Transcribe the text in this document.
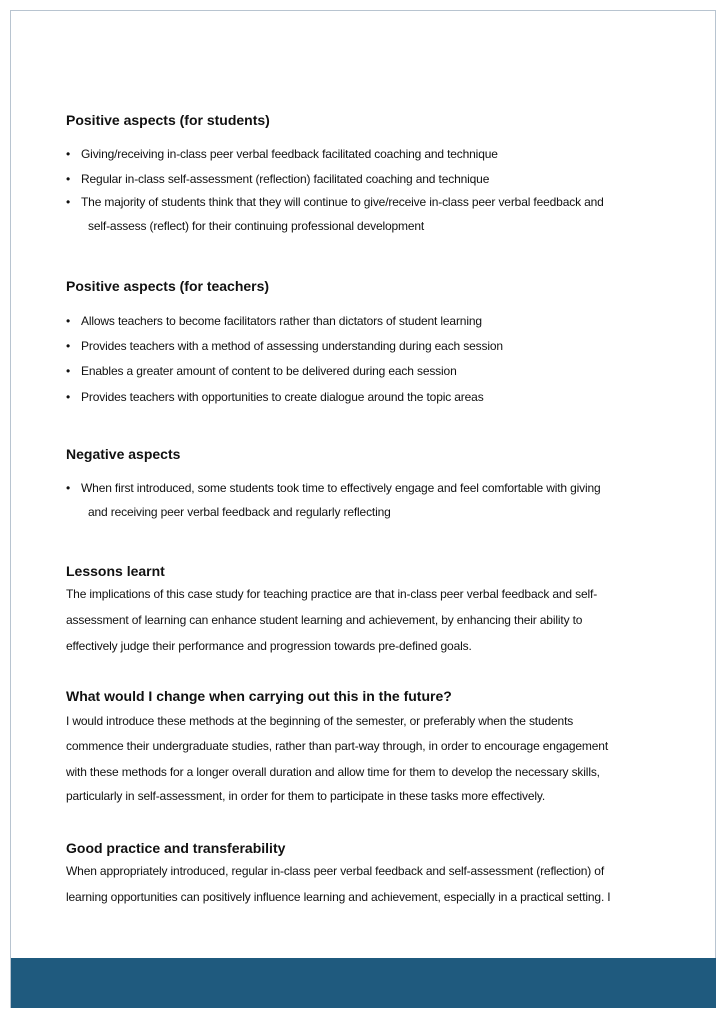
Positive aspects (for students)
• Giving/receiving in-class peer verbal feedback facilitated coaching and technique
• Regular in-class self-assessment (reflection) facilitated coaching and technique
• The majority of students think that they will continue to give/receive in-class peer verbal feedback and
self-assess (reflect) for their continuing professional development
Positive aspects (for teachers)
• Allows teachers to become facilitators rather than dictators of student learning
• Provides teachers with a method of assessing understanding during each session
• Enables a greater amount of content to be delivered during each session
• Provides teachers with opportunities to create dialogue around the topic areas
Negative aspects
• When first introduced, some students took time to effectively engage and feel comfortable with giving
and receiving peer verbal feedback and regularly reflecting
Lessons learnt
The implications of this case study for teaching practice are that in-class peer verbal feedback and self-
assessment of learning can enhance student learning and achievement, by enhancing their ability to
effectively judge their performance and progression towards pre-defined goals.
What would I change when carrying out this in the future?
I would introduce these methods at the beginning of the semester, or preferably when the students
commence their undergraduate studies, rather than part-way through, in order to encourage engagement
with these methods for a longer overall duration and allow time for them to develop the necessary skills,
particularly in self-assessment, in order for them to participate in these tasks more effectively.
Good practice and transferability
When appropriately introduced, regular in-class peer verbal feedback and self-assessment (reflection) of
learning opportunities can positively influence learning and achievement, especially in a practical setting. I
